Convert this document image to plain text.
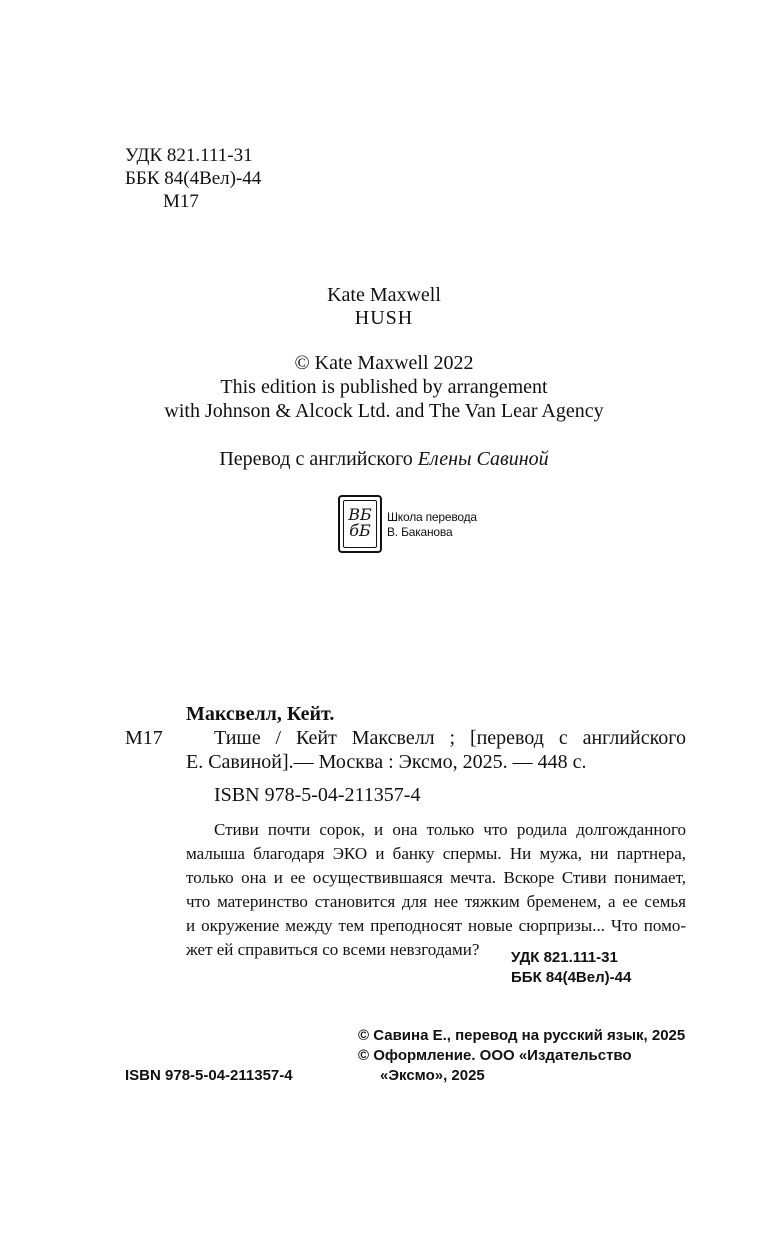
УДК 821.111-31
ББК 84(4Вел)-44
М17
Kate Maxwell
HUSH
© Kate Maxwell 2022
This edition is published by arrangement
with Johnson & Alcock Ltd. and The Van Lear Agency
Перевод с английского Елены Савиной
ВБ
бБ
Школа перевода
В. Баканова
Максвелл, Кейт.
М17	Тише / Кейт Максвелл ; [перевод с английского
Е. Савиной].— Москва : Эксмо, 2025. — 448 с.
ISBN 978-5-04-211357-4
Стиви почти сорок, и она только что родила долгожданного
малыша благодаря ЭКО и банку спермы. Ни мужа, ни партнера,
только она и ее осуществившаяся мечта. Вскоре Стиви понимает,
что материнство становится для нее тяжким бременем, а ее семья
и окружение между тем преподносят новые сюрпризы... Что помо-
жет ей справиться со всеми невзгодами? УДК 821.111-31
ББК 84(4Вел)-44
© Савина Е., перевод на русский язык, 2025
© Оформление. ООО «Издательство
ISBN 978-5-04-211357-4	«Эксмо», 2025
